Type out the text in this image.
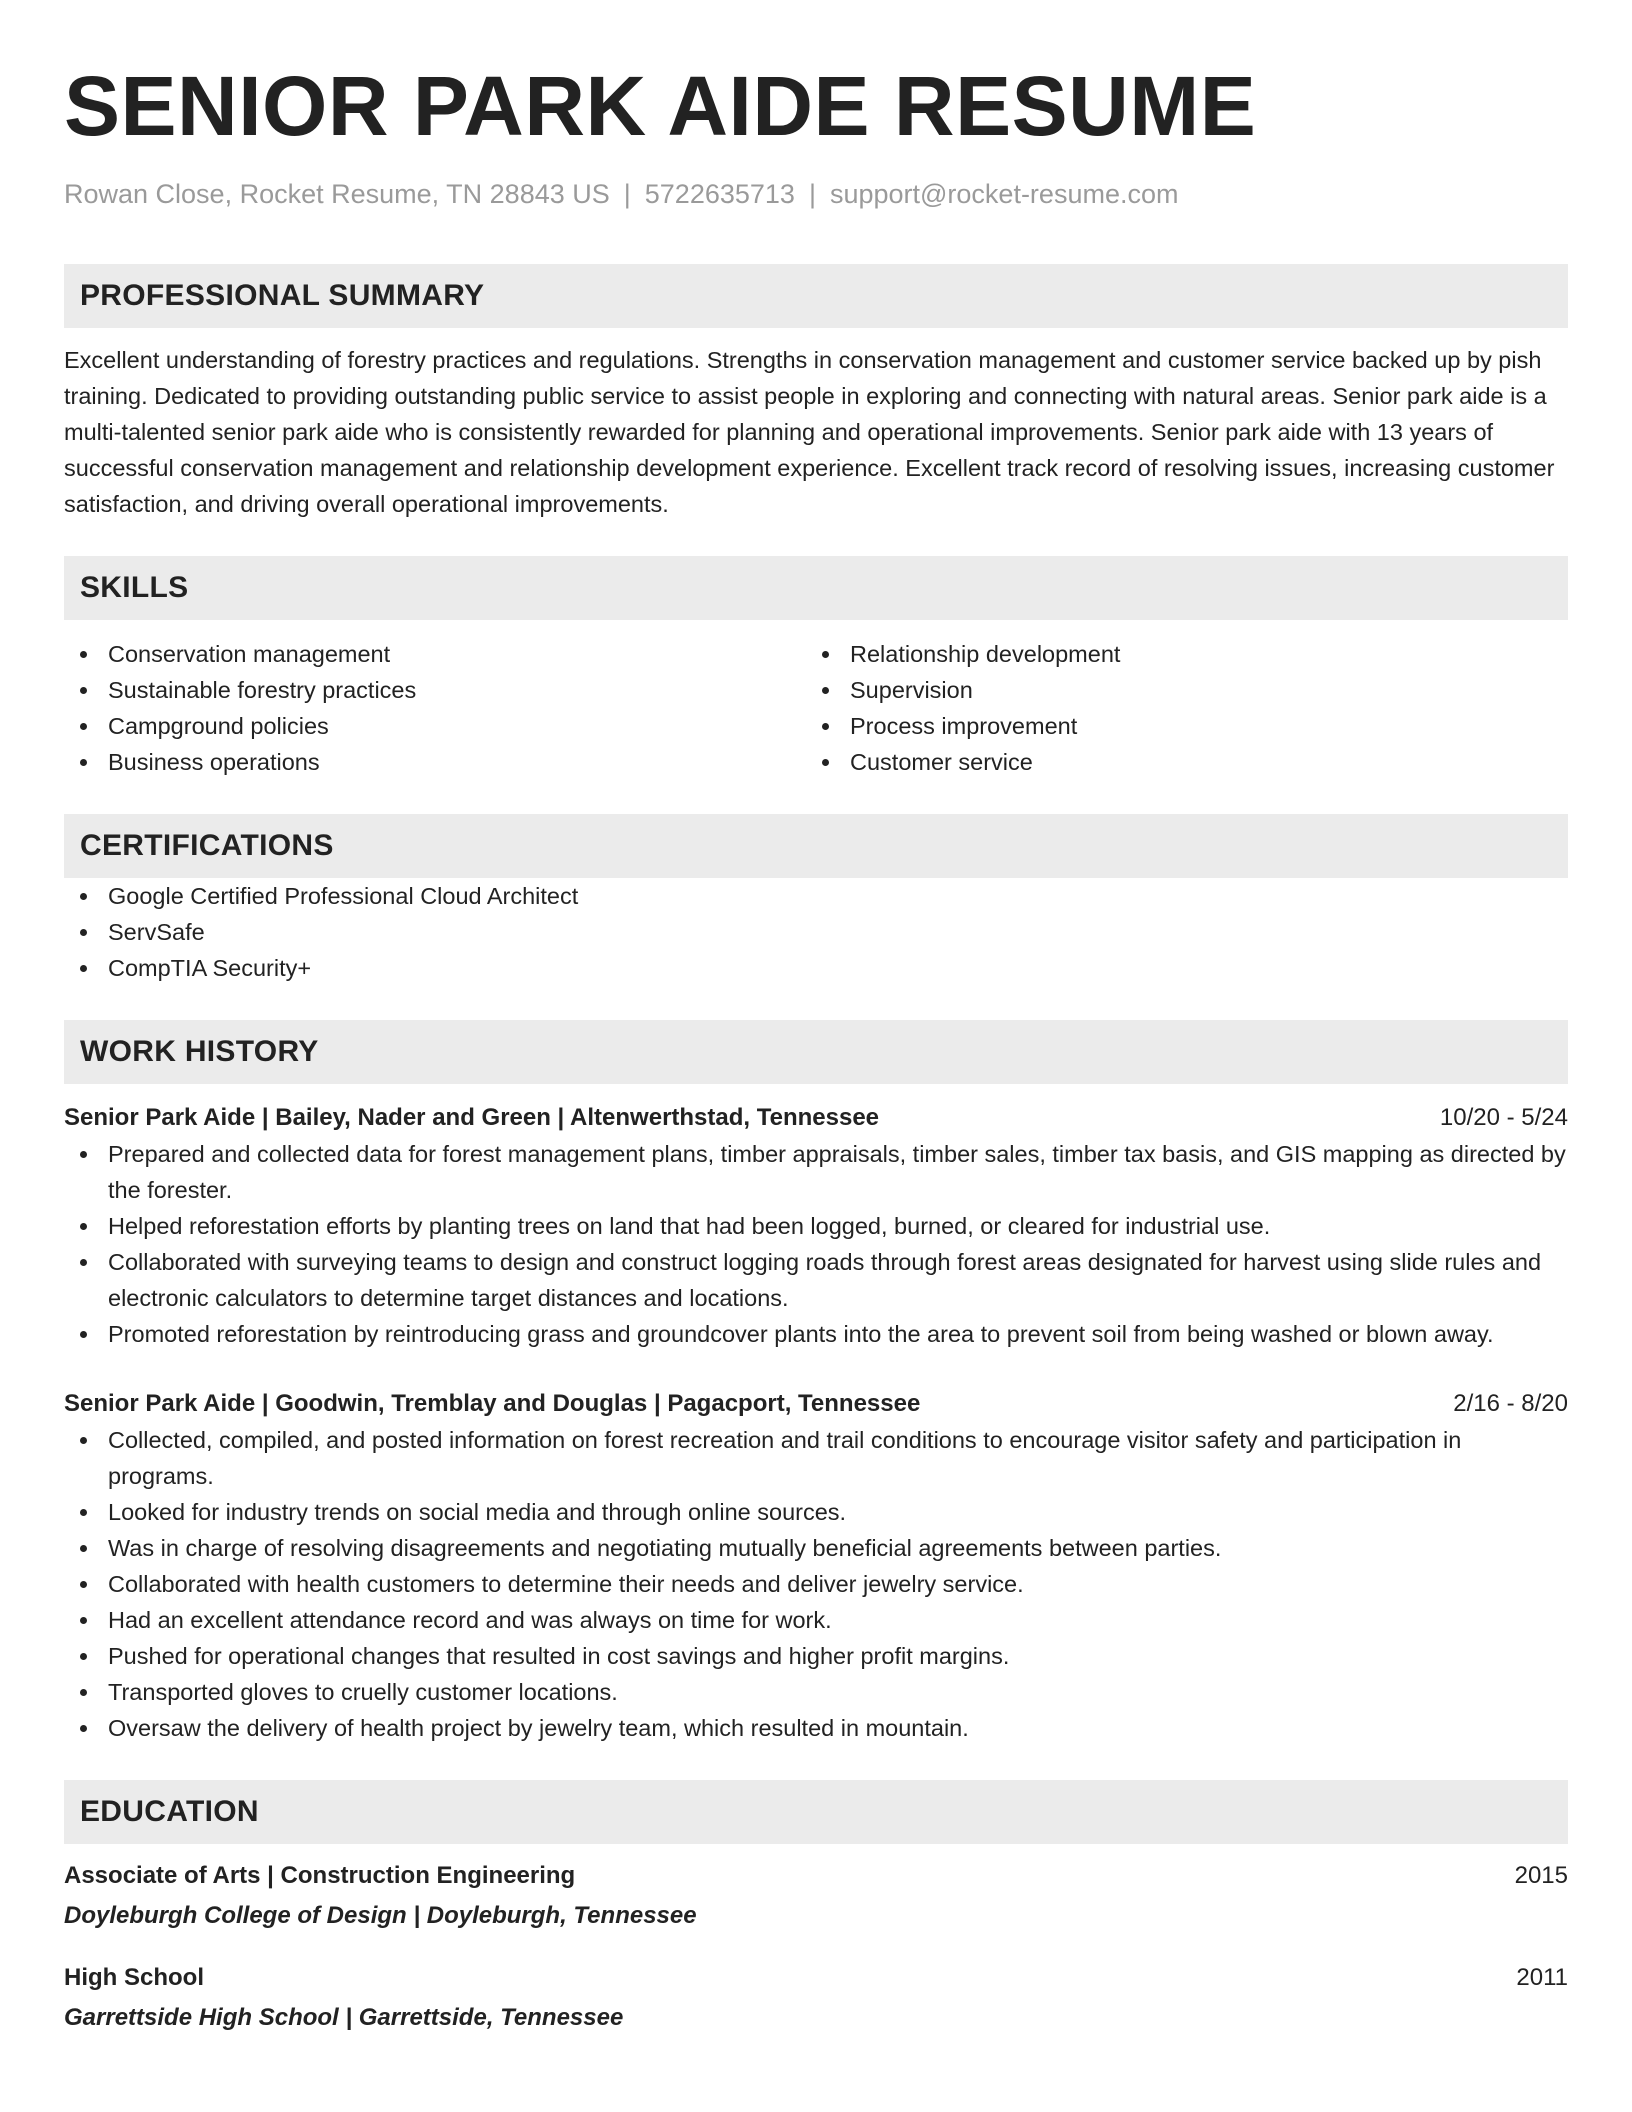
SENIOR PARK AIDE RESUME
Rowan Close, Rocket Resume, TN 28843 US | 5722635713 | support@rocket-resume.com
PROFESSIONAL SUMMARY
Excellent understanding of forestry practices and regulations. Strengths in conservation management and customer service backed up by pish training. Dedicated to providing outstanding public service to assist people in exploring and connecting with natural areas. Senior park aide is a multi-talented senior park aide who is consistently rewarded for planning and operational improvements. Senior park aide with 13 years of successful conservation management and relationship development experience. Excellent track record of resolving issues, increasing customer satisfaction, and driving overall operational improvements.
SKILLS
Conservation management
Sustainable forestry practices
Campground policies
Business operations
Relationship development
Supervision
Process improvement
Customer service
CERTIFICATIONS
Google Certified Professional Cloud Architect
ServSafe
CompTIA Security+
WORK HISTORY
Senior Park Aide | Bailey, Nader and Green | Altenwerthstad, Tennessee	10/20 - 5/24
Prepared and collected data for forest management plans, timber appraisals, timber sales, timber tax basis, and GIS mapping as directed by the forester.
Helped reforestation efforts by planting trees on land that had been logged, burned, or cleared for industrial use.
Collaborated with surveying teams to design and construct logging roads through forest areas designated for harvest using slide rules and electronic calculators to determine target distances and locations.
Promoted reforestation by reintroducing grass and groundcover plants into the area to prevent soil from being washed or blown away.
Senior Park Aide | Goodwin, Tremblay and Douglas | Pagacport, Tennessee	2/16 - 8/20
Collected, compiled, and posted information on forest recreation and trail conditions to encourage visitor safety and participation in programs.
Looked for industry trends on social media and through online sources.
Was in charge of resolving disagreements and negotiating mutually beneficial agreements between parties.
Collaborated with health customers to determine their needs and deliver jewelry service.
Had an excellent attendance record and was always on time for work.
Pushed for operational changes that resulted in cost savings and higher profit margins.
Transported gloves to cruelly customer locations.
Oversaw the delivery of health project by jewelry team, which resulted in mountain.
EDUCATION
Associate of Arts | Construction Engineering	2015
Doyleburgh College of Design | Doyleburgh, Tennessee
High School	2011
Garrettside High School | Garrettside, Tennessee
